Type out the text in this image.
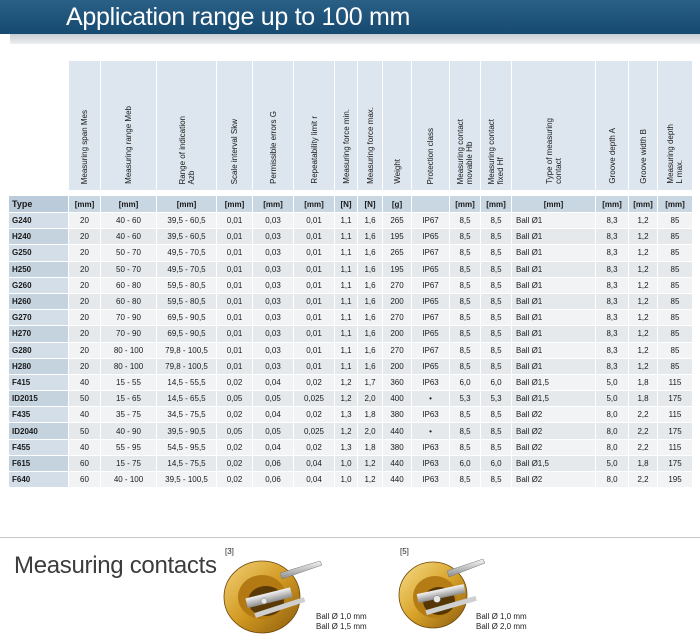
Application range up to 100 mm
	Measuring span Mes	Measuring range Meb	Range of indication
Azb	Scale interval Skw	Permissible errors G	Repeatability limit r	Measuring force min.	Measuring force max.	Weight	Protection class	Measuring contact
movable Hb	Measuring contact
fixed Hf	Type of measuring
contact	Groove depth A	Groove width B	Measuring depth
L max.

Type	[mm]	[mm]	[mm]	[mm]	[mm]	[mm]	[N]	[N]	[g]		[mm]	[mm]	[mm]	[mm]	[mm]	[mm]
G240	20	40 - 60	39,5 - 60,5	0,01	0,03	0,01	1,1	1,6	265	IP67	8,5	8,5	Ball Ø1	8,3	1,2	85
H240	20	40 - 60	39,5 - 60,5	0,01	0,03	0,01	1,1	1,6	195	IP65	8,5	8,5	Ball Ø1	8,3	1,2	85
G250	20	50 - 70	49,5 - 70,5	0,01	0,03	0,01	1,1	1,6	265	IP67	8,5	8,5	Ball Ø1	8,3	1,2	85
H250	20	50 - 70	49,5 - 70,5	0,01	0,03	0,01	1,1	1,6	195	IP65	8,5	8,5	Ball Ø1	8,3	1,2	85
G260	20	60 - 80	59,5 - 80,5	0,01	0,03	0,01	1,1	1,6	270	IP67	8,5	8,5	Ball Ø1	8,3	1,2	85
H260	20	60 - 80	59,5 - 80,5	0,01	0,03	0,01	1,1	1,6	200	IP65	8,5	8,5	Ball Ø1	8,3	1,2	85
G270	20	70 - 90	69,5 - 90,5	0,01	0,03	0,01	1,1	1,6	270	IP67	8,5	8,5	Ball Ø1	8,3	1,2	85
H270	20	70 - 90	69,5 - 90,5	0,01	0,03	0,01	1,1	1,6	200	IP65	8,5	8,5	Ball Ø1	8,3	1,2	85
G280	20	80 - 100	79,8 - 100,5	0,01	0,03	0,01	1,1	1,6	270	IP67	8,5	8,5	Ball Ø1	8,3	1,2	85
H280	20	80 - 100	79,8 - 100,5	0,01	0,03	0,01	1,1	1,6	200	IP65	8,5	8,5	Ball Ø1	8,3	1,2	85
F415	40	15 - 55	14,5 - 55,5	0,02	0,04	0,02	1,2	1,7	360	IP63	6,0	6,0	Ball Ø1,5	5,0	1,8	115
ID2015	50	15 - 65	14,5 - 65,5	0,05	0,05	0,025	1,2	2,0	400	•	5,3	5,3	Ball Ø1,5	5,0	1,8	175
F435	40	35 - 75	34,5 - 75,5	0,02	0,04	0,02	1,3	1,8	380	IP63	8,5	8,5	Ball Ø2	8,0	2,2	115
ID2040	50	40 - 90	39,5 - 90,5	0,05	0,05	0,025	1,2	2,0	440	•	8,5	8,5	Ball Ø2	8,0	2,2	175
F455	40	55 - 95	54,5 - 95,5	0,02	0,04	0,02	1,3	1,8	380	IP63	8,5	8,5	Ball Ø2	8,0	2,2	115
F615	60	15 - 75	14,5 - 75,5	0,02	0,06	0,04	1,0	1,2	440	IP63	6,0	6,0	Ball Ø1,5	5,0	1,8	175
F640	60	40 - 100	39,5 - 100,5	0,02	0,06	0,04	1,0	1,2	440	IP63	8,5	8,5	Ball Ø2	8,0	2,2	195
Measuring contacts
[3]
Ball Ø 1,0 mm
Ball Ø 1,5 mm
[5]
Ball Ø 1,0 mm
Ball Ø 2,0 mm
